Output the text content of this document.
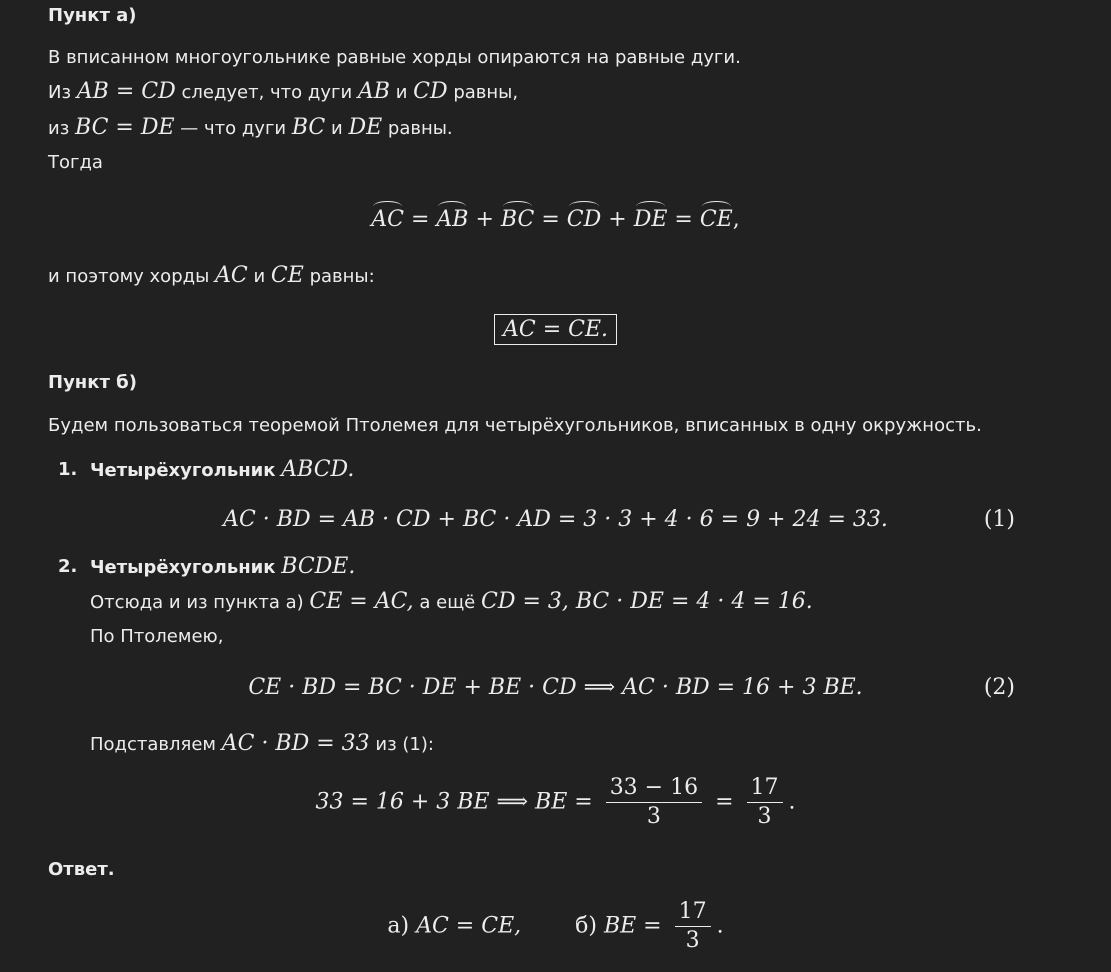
Пункт а)
В вписанном многоугольнике равные хорды опираются на равные дуги.
Из AB = CD следует, что дуги AB и CD равны,
из BC = DE — что дуги BC и DE равны.
Тогда
AC = AB + BC = CD + DE = CE,
и поэтому хорды AC и CE равны:
AC = CE.
Пункт б)
Будем пользоваться теоремой Птолемея для четырёхугольников, вписанных в одну окружность.
1. Четырёхугольник ABCD.
AC · BD = AB · CD + BC · AD = 3 · 3 + 4 · 6 = 9 + 24 = 33.	(1)
2. Четырёхугольник BCDE.
Отсюда и из пункта а) CE = AC, а ещё CD = 3, BC · DE = 4 · 4 = 16.
По Птолемею,
CE · BD = BC · DE + BE · CD ⟹ AC · BD = 16 + 3 BE.	(2)
Подставляем AC · BD = 33 из (1):
33 = 16 + 3 BE ⟹ BE = $\frac{33 - 16}{3} = \frac{17}{3}$ .
Ответ.
а) AC = CE, б) BE = $\frac{17}{3}$ .
